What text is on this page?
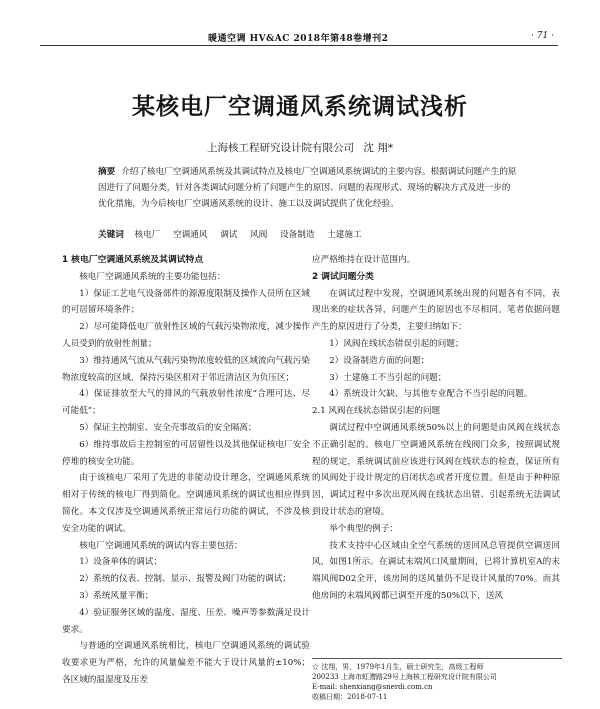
暖通空调 HV&AC 2018年第48卷增刊2	· 71 ·
某核电厂空调通风系统调试浅析
上海核工程研究设计院有限公司 沈 翔*
摘要 介绍了核电厂空调通风系统及其调试特点及核电厂空调通风系统调试的主要内容。根据调试问题产生的原因进行了问题分类，针对各类调试问题分析了问题产生的原因、问题的表现形式、现场的解决方式及进一步的优化措施，为今后核电厂空调通风系统的设计、施工以及调试提供了优化经验。
关键词 核电厂 空调通风 调试 风阀 设备制造 土建施工
1 核电厂空调通风系统及其调试特点

核电厂空调通风系统的主要功能包括：

1）保证工艺电气设备部件的源源度限制及操作人员所在区域的可居留环境条件；

2）尽可能降低电厂放射性区域的气载污染物浓度，减少操作人员受到的放射性剂量；

3）维持通风气流从气载污染物浓度较低的区域流向气载污染物浓度较高的区域，保持污染区相对于邻近清洁区为负压区；

4）保证排放至大气的排风的气载放射性浓度“合理可达、尽可能低”；

5）保证主控制室、安全壳事故后的安全隔离；

6）维持事故后主控制室的可居留性以及其他保证核电厂安全停堆的核安全功能。

由于该核电厂采用了先进的非能动设计理念，空调通风系统相对于传统的核电厂得到简化。空调通风系统的调试也相应得到简化。本文仅涉及空调通风系统正常运行功能的调试，不涉及核安全功能的调试。

核电厂空调通风系统的调试内容主要包括：

1）设备单体的调试；

2）系统的仪表、控制、显示、报警及阀门功能的调试；

3）系统风量平衡；

4）验证服务区域的温度、湿度、压差、噪声等参数满足设计要求。

与普通的空调通风系统相比，核电厂空调通风系统的调试验收要求更为严格，允许的风量偏差不能大于设计风量的±10%；各区域的温湿度及压差

应严格维持在设计范围内。

2 调试问题分类

在调试过程中发现，空调通风系统出现的问题各有不同，表现出来的症状各异，问题产生的原因也不尽相同。笔者依据问题产生的原因进行了分类，主要归纳如下：

1）风阀在线状态错误引起的问题；

2）设备制造方面的问题；

3）土建施工不当引起的问题；

4）系统设计欠缺、与其他专业配合不当引起的问题。

2.1 风阀在线状态错误引起的问题

调试过程中空调通风系统50%以上的问题是由风阀在线状态不正确引起的。核电厂空调通风系统在线阀门众多，按照调试规程的规定，系统调试前应该进行风阀在线状态的检查，保证所有的风阀处于设计规定的启闭状态或者开度位置。但是由于种种原因，调试过程中多次出现风阀在线状态出错、引起系统无法调试到设计状态的窘境。

举个典型的例子：

技术支持中心区域由全空气系统的送回风总管提供空调送回风，如图1所示。在调试末端风口风量期间，已将计算机室A的末端风阀D02全开，该房间的送风量仍不足设计风量的70%。而其他房间的末端风阀都已调至开度的50%以下，送风

☆ 沈翔，男，1979年1月生，硕士研究生，高级工程师

200233 上海市虹漕路29号上海核工程研究设计院有限公司

E-mail: shenxiang@snerdi.com.cn

收稿日期：2018-07-11
